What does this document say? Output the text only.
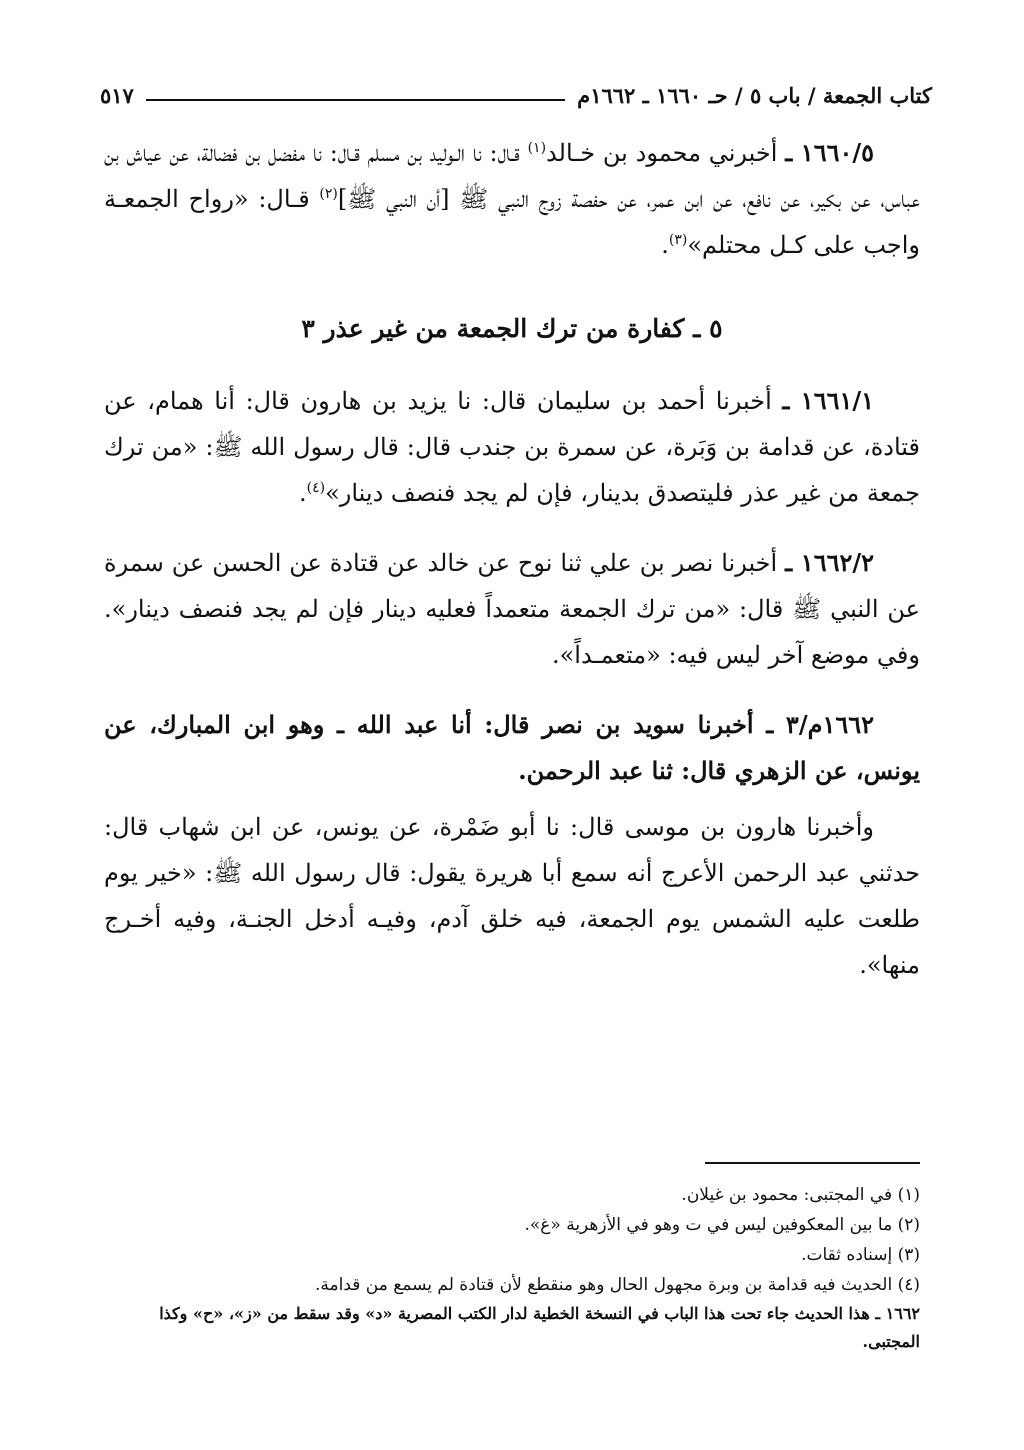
كتاب الجمعة / باب ٥ / حـ ١٦٦٠ ـ ١٦٦٢م
٥١٧

١٦٦٠/٥ ـ أخبرني محمود بن خـالد$^{(١)}$ قـال: نا الـوليد بن مسلم قـال: نا مفضل بن فضالة، عن عياش بن عباس، عن بكير، عن نافع، عن ابن عمر، عن حفصة زوج النبي ﷺ [أن النبي ﷺ]$^{(٢)}$ قـال: «رواح الجمعـة واجب على كـل محتلم»$^{(٣)}$.

٥ ـ كفارة من ترك الجمعة من غير عذر ٣

١٦٦١/١ ـ أخبرنا أحمد بن سليمان قال: نا يزيد بن هارون قال: أنا همام، عن قتادة، عن قدامة بن وَبَرة، عن سمرة بن جندب قال: قال رسول الله ﷺ: «من ترك جمعة من غير عذر فليتصدق بدينار، فإن لم يجد فنصف دينار»$^{(٤)}$.

١٦٦٢/٢ ـ أخبرنا نصر بن علي ثنا نوح عن خالد عن قتادة عن الحسن عن سمرة عن النبي ﷺ قال: «من ترك الجمعة متعمداً فعليه دينار فإن لم يجد فنصف دينار». وفي موضع آخر ليس فيه: «متعمـداً».

١٦٦٢م/٣ ـ أخبرنا سويد بن نصر قال: أنا عبد الله ـ وهو ابن المبارك، عن يونس، عن الزهري قال: ثنا عبد الرحمن.

وأخبرنا هارون بن موسى قال: نا أبو ضَمْرة، عن يونس، عن ابن شهاب قال: حدثني عبد الرحمن الأعرج أنه سمع أبا هريرة يقول: قال رسول الله ﷺ: «خير يوم طلعت عليه الشمس يوم الجمعة، فيه خلق آدم، وفيـه أدخل الجنـة، وفيه أخـرج منها».

(١) في المجتبى: محمود بن غيلان.

(٢) ما بين المعكوفين ليس في ت وهو في الأزهرية «غ».

(٣) إسناده ثقات.

(٤) الحديث فيه قدامة بن وبرة مجهول الحال وهو منقطع لأن قتادة لم يسمع من قدامة.

١٦٦٢ ـ هذا الحديث جاء تحت هذا الباب في النسخة الخطية لدار الكتب المصرية «د» وقد سقط من «ز»، «ح» وكذا المجتبى.
